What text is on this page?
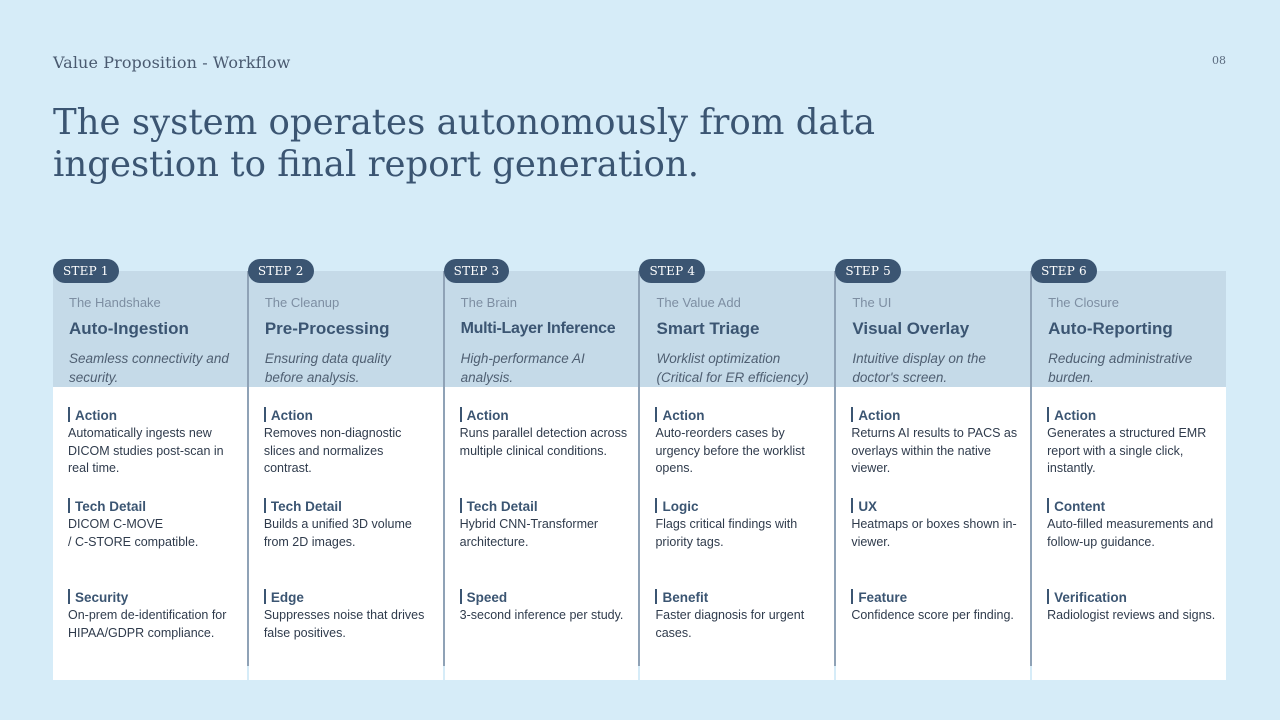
Value Proposition - Workflow	08
The system operates autonomously from data ingestion to final report generation.
STEP 1
The Handshake
Auto-Ingestion
Seamless connectivity and security.
Action
Automatically ingests new DICOM studies post-scan in real time.
Tech Detail
DICOM C-MOVE
/ C-STORE compatible.
Security
On-prem de-identification for HIPAA/GDPR compliance.
STEP 2
The Cleanup
Pre-Processing
Ensuring data quality before analysis.
Action
Removes non-diagnostic slices and normalizes contrast.
Tech Detail
Builds a unified 3D volume from 2D images.
Edge
Suppresses noise that drives false positives.
STEP 3
The Brain
Multi-Layer Inference
High-performance AI analysis.
Action
Runs parallel detection across multiple clinical conditions.
Tech Detail
Hybrid CNN-Transformer architecture.
Speed
3-second inference per study.
STEP 4
The Value Add
Smart Triage
Worklist optimization (Critical for ER efficiency)
Action
Auto-reorders cases by urgency before the worklist opens.
Logic
Flags critical findings with priority tags.
Benefit
Faster diagnosis for urgent cases.
STEP 5
The UI
Visual Overlay
Intuitive display on the doctor's screen.
Action
Returns AI results to PACS as overlays within the native viewer.
UX
Heatmaps or boxes shown in-viewer.
Feature
Confidence score per finding.
STEP 6
The Closure
Auto-Reporting
Reducing administrative burden.
Action
Generates a structured EMR report with a single click, instantly.
Content
Auto-filled measurements and follow-up guidance.
Verification
Radiologist reviews and signs.
